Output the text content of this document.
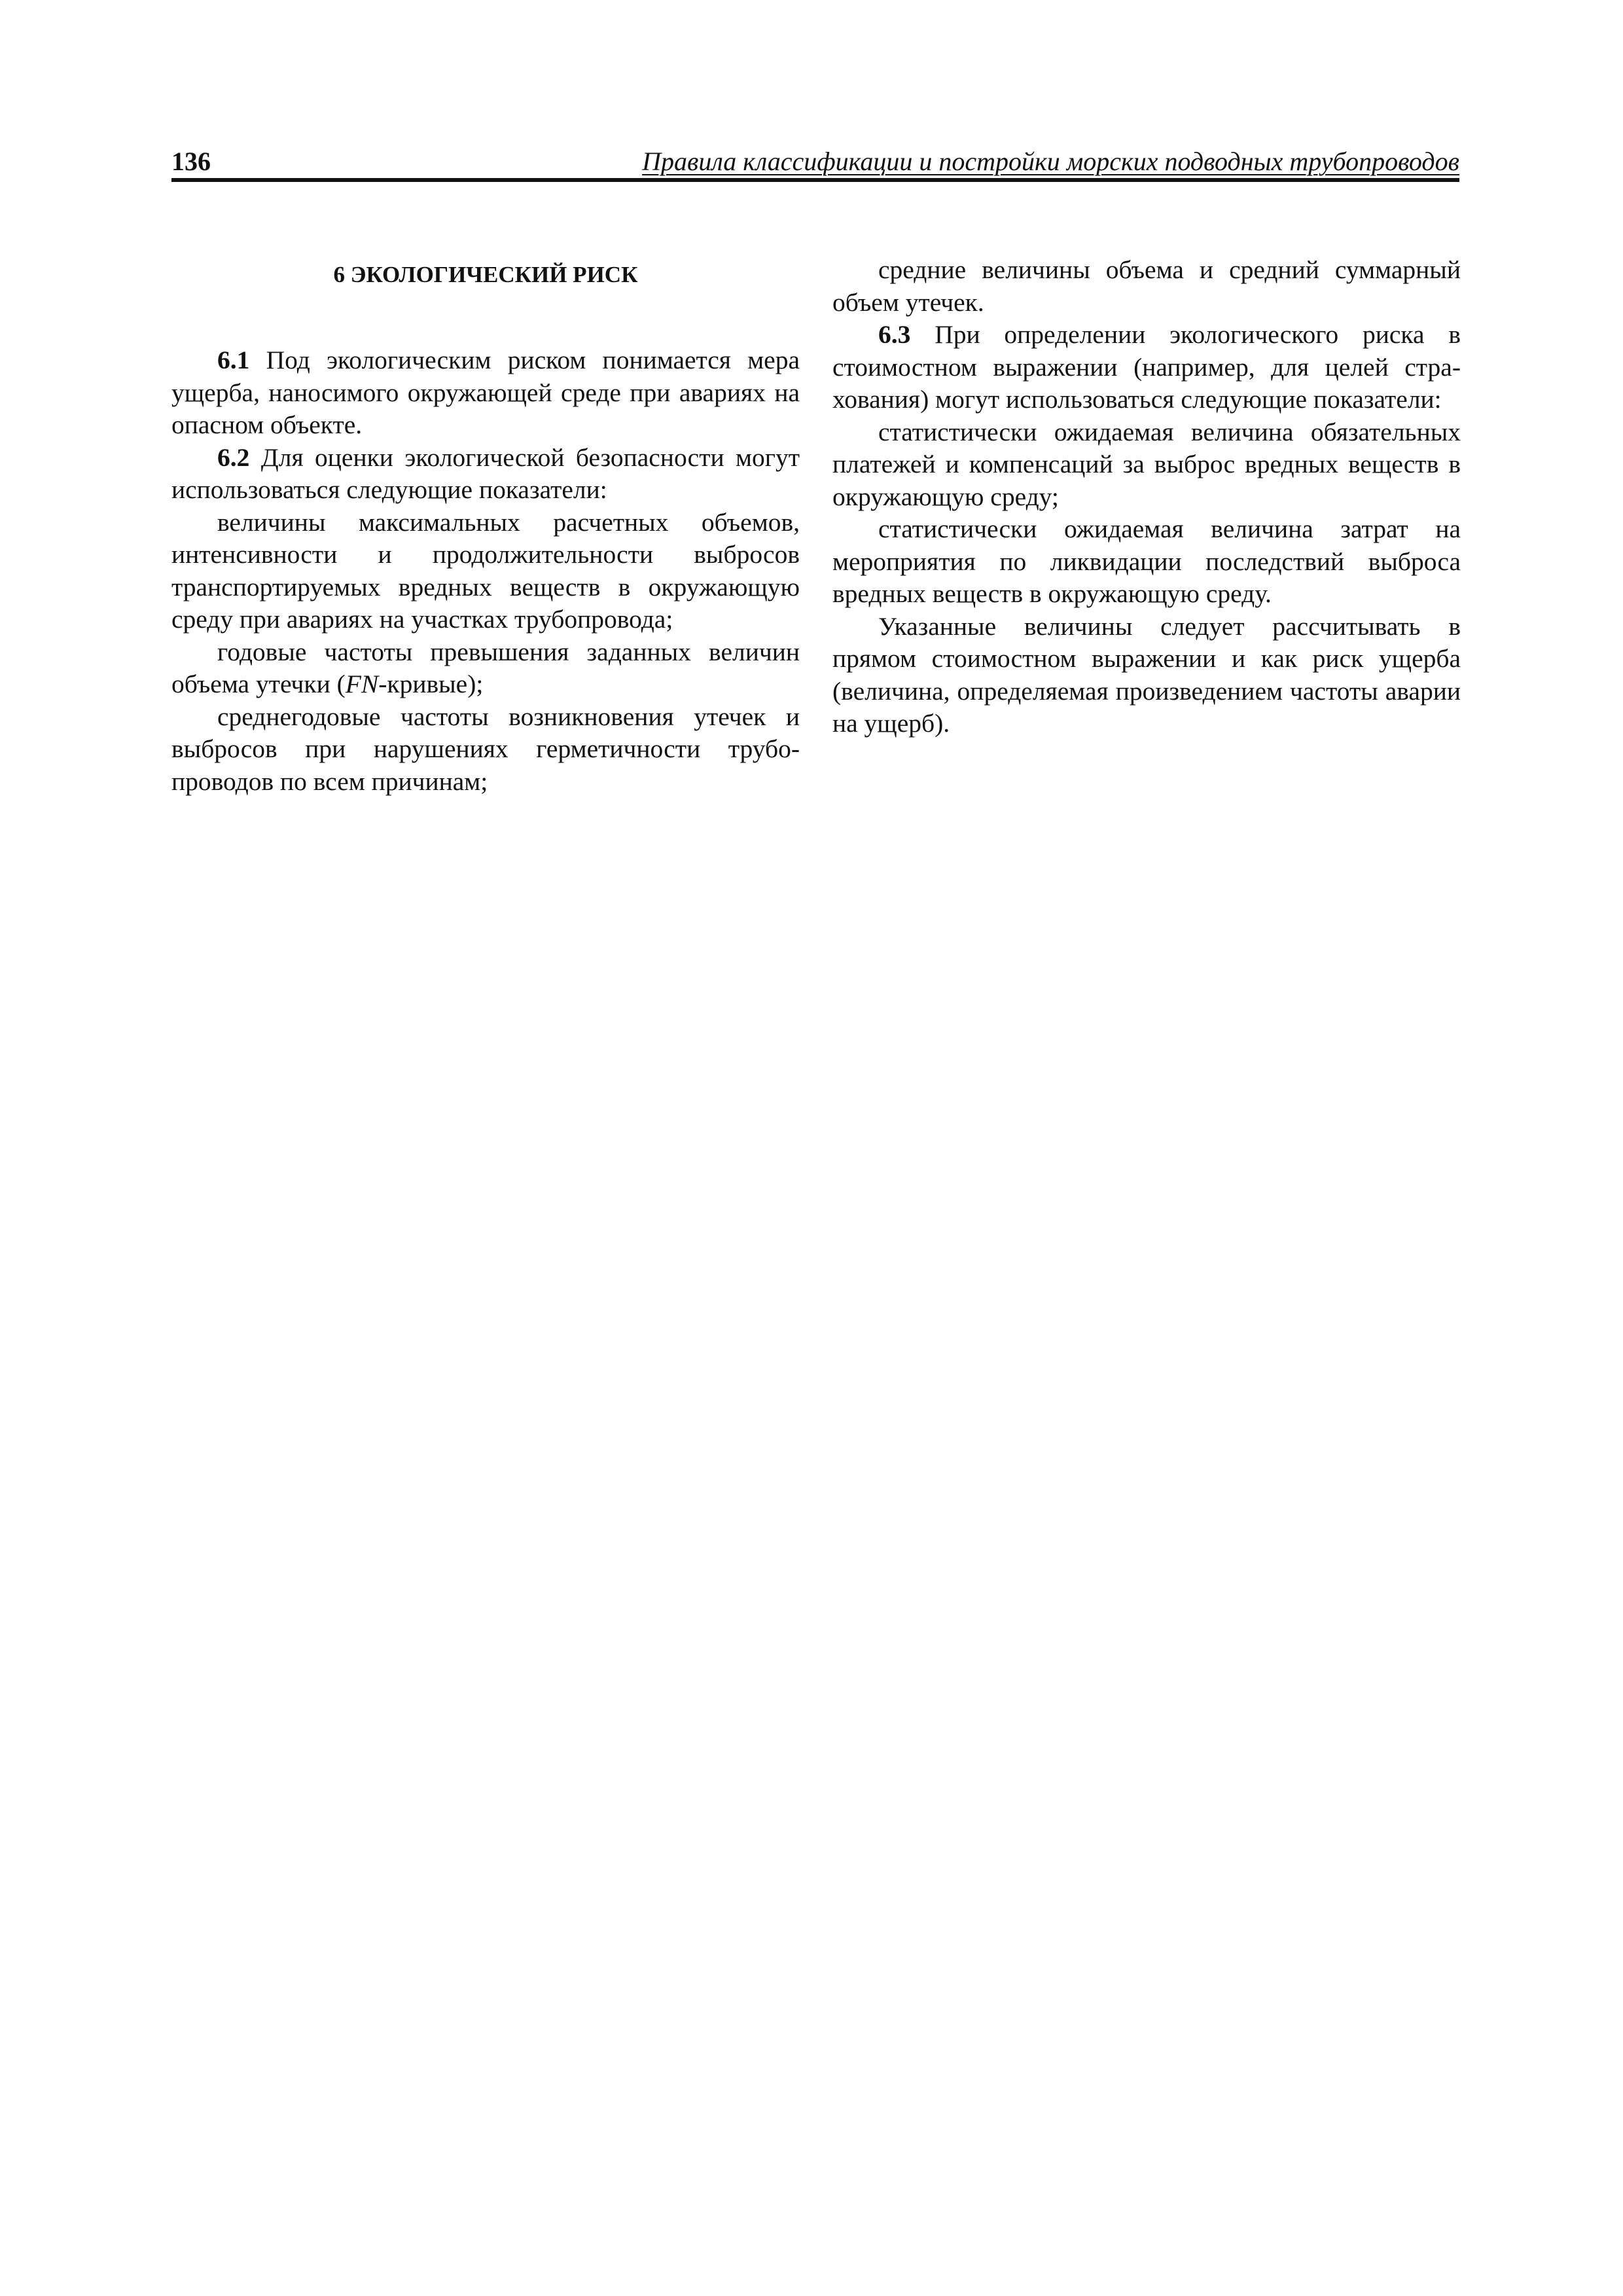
136	Правила классификации и постройки морских подводных трубопроводов
6 ЭКОЛОГИЧЕСКИЙ РИСК

6.1 Под экологическим риском понимается мера ущерба, наносимого окружающей среде при авариях на опасном объекте.

6.2 Для оценки экологической безопасности могут использоваться следующие показатели:

величины максимальных расчетных объемов, интенсивности и продолжительности выбросов транспортируемых вредных веществ в окружающую среду при авариях на участках трубопровода;

годовые частоты превышения заданных величин объема утечки (FN-кривые);

среднегодовые частоты возникновения утечек и выбросов при нарушениях герметичности трубопроводов по всем причинам;

средние величины объема и средний суммарный объем утечек.

6.3 При определении экологического риска в стоимостном выражении (например, для целей страхования) могут использоваться следующие показатели:

статистически ожидаемая величина обязательных платежей и компенсаций за выброс вредных веществ в окружающую среду;

статистически ожидаемая величина затрат на мероприятия по ликвидации последствий выброса вредных веществ в окружающую среду.

Указанные величины следует рассчитывать в прямом стоимостном выражении и как риск ущерба (величина, определяемая произведением частоты аварии на ущерб).
